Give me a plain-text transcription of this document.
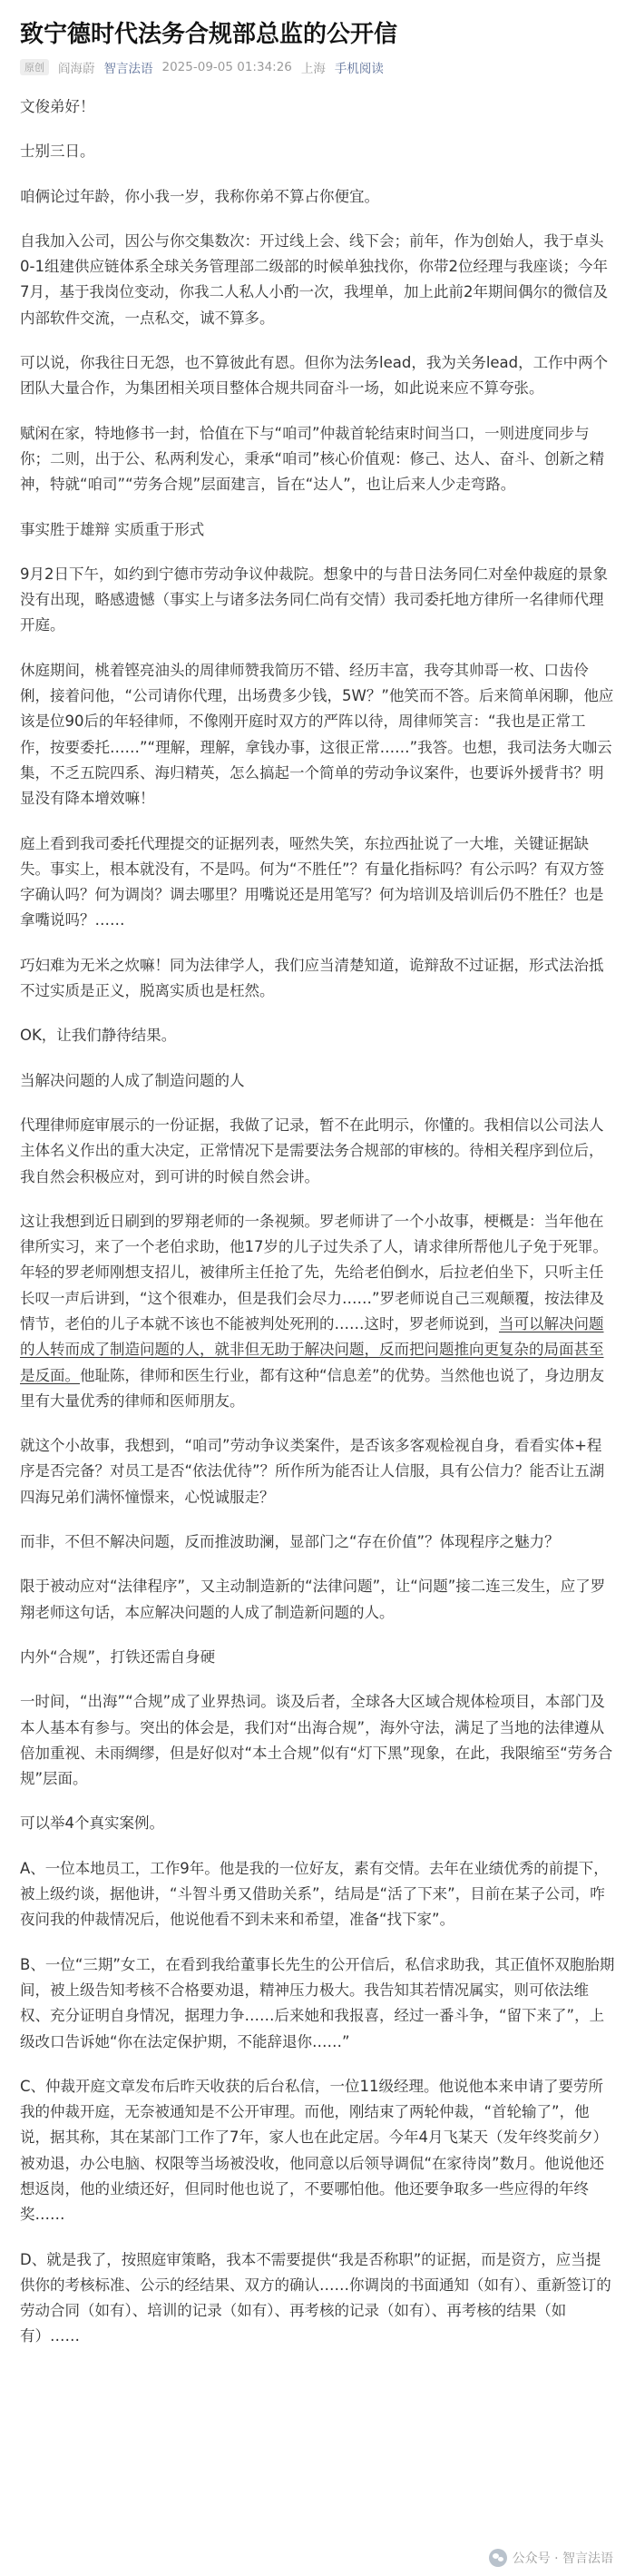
致宁德时代法务合规部总监的公开信
原创	阎海蔚 智言法语 2025-09-05 01:34:26 上海 手机阅读

文俊弟好！

士别三日。

咱俩论过年龄，你小我一岁，我称你弟不算占你便宜。

自我加入公司，因公与你交集数次：开过线上会、线下会；前年，作为创始人，我于卓头0-1组建供应链体系全球关务管理部二级部的时候单独找你，你带2位经理与我座谈；今年7月，基于我岗位变动，你我二人私人小酌一次，我埋单，加上此前2年期间偶尔的微信及内部软件交流，一点私交，诚不算多。

可以说，你我往日无怨，也不算彼此有恩。但你为法务lead，我为关务lead，工作中两个团队大量合作，为集团相关项目整体合规共同奋斗一场，如此说来应不算夸张。

赋闲在家，特地修书一封，恰值在下与“咱司”仲裁首轮结束时间当口，一则进度同步与你；二则，出于公、私两利发心，秉承“咱司”核心价值观：修己、达人、奋斗、创新之精神，特就“咱司”“劳务合规”层面建言，旨在“达人”，也让后来人少走弯路。

事实胜于雄辩 实质重于形式

9月2日下午，如约到宁德市劳动争议仲裁院。想象中的与昔日法务同仁对垒仲裁庭的景象没有出现，略感遗憾（事实上与诸多法务同仁尚有交情）我司委托地方律所一名律师代理开庭。

休庭期间，桃着铿亮油头的周律师赞我简历不错、经历丰富，我夸其帅哥一枚、口齿伶俐，接着问他，“公司请你代理，出场费多少钱，5W？”他笑而不答。后来简单闲聊，他应该是位90后的年轻律师，不像刚开庭时双方的严阵以待，周律师笑言：“我也是正常工作，按要委托……”“理解，理解，拿钱办事，这很正常……”我答。也想，我司法务大咖云集，不乏五院四系、海归精英，怎么搞起一个简单的劳动争议案件，也要诉外援背书？明显没有降本增效嘛！

庭上看到我司委托代理提交的证据列表，哑然失笑，东拉西扯说了一大堆，关键证据缺失。事实上，根本就没有，不是吗。何为“不胜任”？有量化指标吗？有公示吗？有双方签字确认吗？何为调岗？调去哪里？用嘴说还是用笔写？何为培训及培训后仍不胜任？也是拿嘴说吗？……

巧妇难为无米之炊嘛！同为法律学人，我们应当清楚知道，诡辩敌不过证据，形式法治抵不过实质是正义，脱离实质也是枉然。

OK，让我们静待结果。

当解决问题的人成了制造问题的人

代理律师庭审展示的一份证据，我做了记录，暂不在此明示，你懂的。我相信以公司法人主体名义作出的重大决定，正常情况下是需要法务合规部的审核的。待相关程序到位后，我自然会积极应对，到可讲的时候自然会讲。

这让我想到近日刷到的罗翔老师的一条视频。罗老师讲了一个小故事，梗概是：当年他在律所实习，来了一个老伯求助，他17岁的儿子过失杀了人，请求律所帮他儿子免于死罪。年轻的罗老师刚想支招儿，被律所主任抢了先，先给老伯倒水，后拉老伯坐下，只听主任长叹一声后讲到，“这个很难办，但是我们会尽力……”罗老师说自己三观颠覆，按法律及情节，老伯的儿子本就不该也不能被判处死刑的……这时，罗老师说到，当可以解决问题的人转而成了制造问题的人，就非但无助于解决问题，反而把问题推向更复杂的局面甚至是反面。他耻陈，律师和医生行业，都有这种“信息差”的优势。当然他也说了，身边朋友里有大量优秀的律师和医师朋友。

就这个小故事，我想到，“咱司”劳动争议类案件，是否该多客观检视自身，看看实体+程序是否完备？对员工是否“依法优待”？所作所为能否让人信服，具有公信力？能否让五湖四海兄弟们满怀憧憬来，心悦诚服走？

而非，不但不解决问题，反而推波助澜，显部门之“存在价值”？体现程序之魅力？

限于被动应对“法律程序”，又主动制造新的“法律问题”，让“问题”接二连三发生，应了罗翔老师这句话，本应解决问题的人成了制造新问题的人。

内外“合规”，打铁还需自身硬

一时间，“出海”“合规”成了业界热词。谈及后者，全球各大区域合规体检项目，本部门及本人基本有参与。突出的体会是，我们对“出海合规”，海外守法，满足了当地的法律遵从倍加重视、未雨绸缪，但是好似对“本土合规”似有“灯下黑”现象，在此，我限缩至“劳务合规”层面。

可以举4个真实案例。

A、一位本地员工，工作9年。他是我的一位好友，素有交情。去年在业绩优秀的前提下，被上级约谈，据他讲，“斗智斗勇又借助关系”，结局是“活了下来”，目前在某子公司，咋夜问我的仲裁情况后，他说他看不到未来和希望，准备“找下家”。

B、一位“三期”女工，在看到我给董事长先生的公开信后，私信求助我，其正值怀双胞胎期间，被上级告知考核不合格要劝退，精神压力极大。我告知其若情况属实，则可依法维权、充分证明自身情况，据理力争……后来她和我报喜，经过一番斗争，“留下来了”，上级改口告诉她“你在法定保护期，不能辞退你……”

C、仲裁开庭文章发布后昨天收获的后台私信，一位11级经理。他说他本来申请了要劳所我的仲裁开庭，无奈被通知是不公开审理。而他，刚结束了两轮仲裁，“首轮输了”，他说，据其称，其在某部门工作了7年，家人也在此定居。今年4月飞某天（发年终奖前夕）被劝退，办公电脑、权限等当场被没收，他同意以后领导调侃“在家待岗”数月。他说他还想返岗，他的业绩还好，但同时他也说了，不要哪怕他。他还要争取多一些应得的年终奖……

D、就是我了，按照庭审策略，我本不需要提供“我是否称职”的证据，而是资方，应当提供你的考核标准、公示的经结果、双方的确认……你调岗的书面通知（如有）、重新签订的劳动合同（如有）、培训的记录（如有）、再考核的记录（如有）、再考核的结果（如有）……

公众号 · 智言法语
